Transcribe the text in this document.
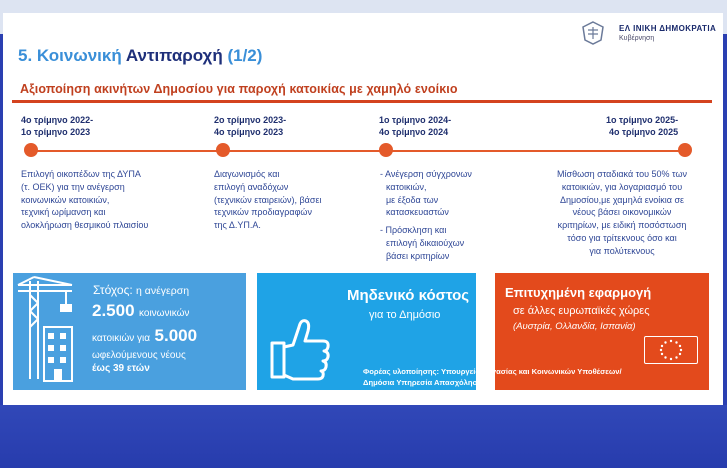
ΕΛ ΙΝΙΚΗ ΔΗΜΟΚΡΑΤΙΑ
Κυβέρνηση
5. Κοινωνική Αντιπαροχή (1/2)
Αξιοποίηση ακινήτων Δημοσίου για παροχή κατοικίας με χαμηλό ενοίκιο
4ο τρίμηνο 2022-
1ο τρίμηνο 2023
2ο τρίμηνο 2023-
4ο τρίμηνο 2023
1ο τρίμηνο 2024-
4ο τρίμηνο 2024
1ο τρίμηνο 2025-
4ο τρίμηνο 2025
Επιλογή οικοπέδων της ΔΥΠΑ
(τ. ΟΕΚ) για την ανέγερση
κοινωνικών κατοικιών,
τεχνική ωρίμανση και
ολοκλήρωση θεσμικού πλαισίου
Διαγωνισμός και
επιλογή αναδόχων
(τεχνικών εταιρειών), βάσει
τεχνικών προδιαγραφών
της Δ.ΥΠ.Α.
- Ανέγερση σύγχρονων
κατοικιών,
με έξοδα των
κατασκευαστών
- Πρόσκληση και
επιλογή δικαιούχων
βάσει κριτηρίων
Μίσθωση σταδιακά του 50% των
κατοικιών, για λογαριασμό του
Δημοσίου,με χαμηλά ενοίκια σε
νέους βάσει οικονομικών
κριτηρίων, με ειδική ποσόστωση
τόσο για τρίτεκνους όσο και
για πολύτεκνους
Στόχος: η ανέγερση
2.500 κοινωνικών
κατοικιών για 5.000
ωφελούμενους νέους
έως 39 ετών
Μηδενικό κόστος
για το Δημόσιο
Επιτυχημένη εφαρμογή
σε άλλες ευρωπαϊκές χώρες
(Αυστρία, Ολλανδία, Ισπανία)
Φορέας υλοποίησης: Υπουργείο Εργασίας και Κοινωνικών Υποθέσεων/
Δημόσια Υπηρεσία Απασχόλησης
